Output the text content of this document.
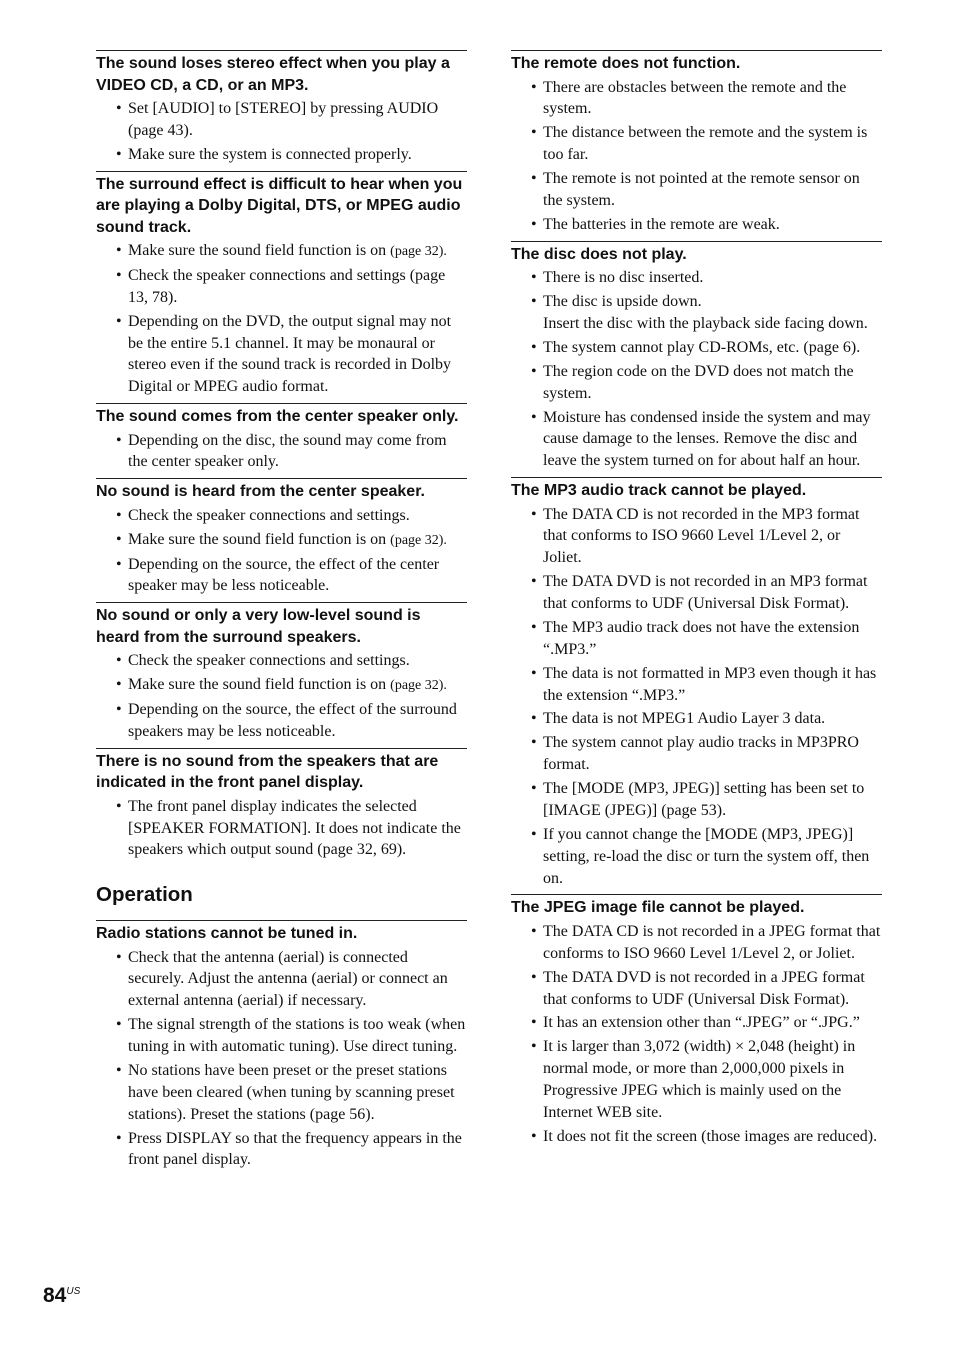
The sound loses stereo effect when you play a VIDEO CD, a CD, or an MP3.
• Set [AUDIO] to [STEREO] by pressing AUDIO (page 43).
• Make sure the system is connected properly.
The surround effect is difficult to hear when you are playing a Dolby Digital, DTS, or MPEG audio sound track.
• Make sure the sound field function is on (page 32).
• Check the speaker connections and settings (page 13, 78).
• Depending on the DVD, the output signal may not be the entire 5.1 channel. It may be monaural or stereo even if the sound track is recorded in Dolby Digital or MPEG audio format.
The sound comes from the center speaker only.
• Depending on the disc, the sound may come from the center speaker only.
No sound is heard from the center speaker.
• Check the speaker connections and settings.
• Make sure the sound field function is on (page 32).
• Depending on the source, the effect of the center speaker may be less noticeable.
No sound or only a very low-level sound is heard from the surround speakers.
• Check the speaker connections and settings.
• Make sure the sound field function is on (page 32).
• Depending on the source, the effect of the surround speakers may be less noticeable.
There is no sound from the speakers that are indicated in the front panel display.
• The front panel display indicates the selected [SPEAKER FORMATION]. It does not indicate the speakers which output sound (page 32, 69).
Operation
Radio stations cannot be tuned in.
• Check that the antenna (aerial) is connected securely. Adjust the antenna (aerial) or connect an external antenna (aerial) if necessary.
• The signal strength of the stations is too weak (when tuning in with automatic tuning). Use direct tuning.
• No stations have been preset or the preset stations have been cleared (when tuning by scanning preset stations). Preset the stations (page 56).
• Press DISPLAY so that the frequency appears in the front panel display.
The remote does not function.
• There are obstacles between the remote and the system.
• The distance between the remote and the system is too far.
• The remote is not pointed at the remote sensor on the system.
• The batteries in the remote are weak.
The disc does not play.
• There is no disc inserted.
• The disc is upside down.
Insert the disc with the playback side facing down.
• The system cannot play CD-ROMs, etc. (page 6).
• The region code on the DVD does not match the system.
• Moisture has condensed inside the system and may cause damage to the lenses. Remove the disc and leave the system turned on for about half an hour.
The MP3 audio track cannot be played.
• The DATA CD is not recorded in the MP3 format that conforms to ISO 9660 Level 1/Level 2, or Joliet.
• The DATA DVD is not recorded in an MP3 format that conforms to UDF (Universal Disk Format).
• The MP3 audio track does not have the extension “.MP3.”
• The data is not formatted in MP3 even though it has the extension “.MP3.”
• The data is not MPEG1 Audio Layer 3 data.
• The system cannot play audio tracks in MP3PRO format.
• The [MODE (MP3, JPEG)] setting has been set to [IMAGE (JPEG)] (page 53).
• If you cannot change the [MODE (MP3, JPEG)] setting, re-load the disc or turn the system off, then on.
The JPEG image file cannot be played.
• The DATA CD is not recorded in a JPEG format that conforms to ISO 9660 Level 1/Level 2, or Joliet.
• The DATA DVD is not recorded in a JPEG format that conforms to UDF (Universal Disk Format).
• It has an extension other than “.JPEG” or “.JPG.”
• It is larger than 3,072 (width) × 2,048 (height) in normal mode, or more than 2,000,000 pixels in Progressive JPEG which is mainly used on the Internet WEB site.
• It does not fit the screen (those images are reduced).
$84^{US}$
